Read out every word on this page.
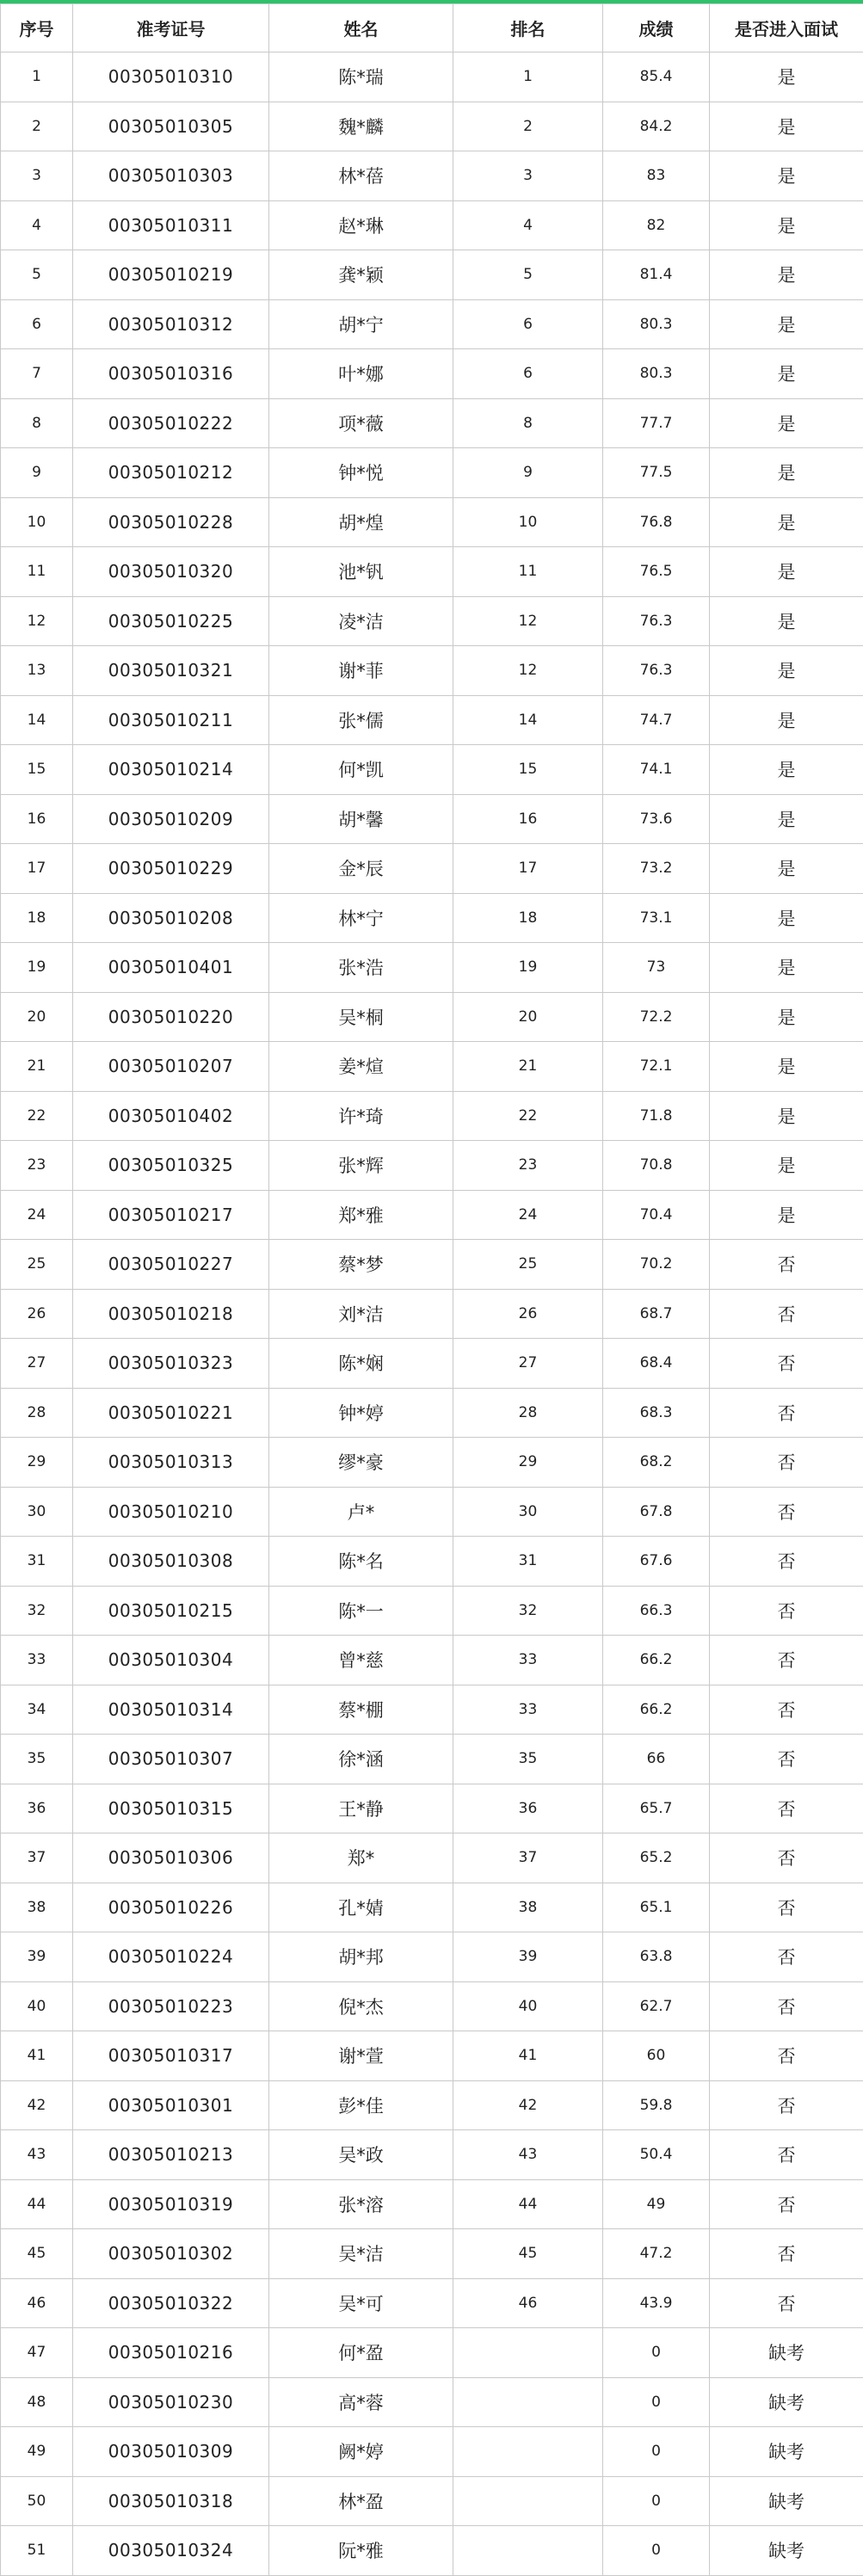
序号	准考证号	姓名	排名	成绩	是否进入面试
1	00305010310	陈*瑞	1	85.4	是
2	00305010305	魏*麟	2	84.2	是
3	00305010303	林*蓓	3	83	是
4	00305010311	赵*琳	4	82	是
5	00305010219	龚*颖	5	81.4	是
6	00305010312	胡*宁	6	80.3	是
7	00305010316	叶*娜	6	80.3	是
8	00305010222	项*薇	8	77.7	是
9	00305010212	钟*悦	9	77.5	是
10	00305010228	胡*煌	10	76.8	是
11	00305010320	池*钒	11	76.5	是
12	00305010225	凌*洁	12	76.3	是
13	00305010321	谢*菲	12	76.3	是
14	00305010211	张*儒	14	74.7	是
15	00305010214	何*凯	15	74.1	是
16	00305010209	胡*馨	16	73.6	是
17	00305010229	金*辰	17	73.2	是
18	00305010208	林*宁	18	73.1	是
19	00305010401	张*浩	19	73	是
20	00305010220	吴*桐	20	72.2	是
21	00305010207	姜*煊	21	72.1	是
22	00305010402	许*琦	22	71.8	是
23	00305010325	张*辉	23	70.8	是
24	00305010217	郑*雅	24	70.4	是
25	00305010227	蔡*梦	25	70.2	否
26	00305010218	刘*洁	26	68.7	否
27	00305010323	陈*娴	27	68.4	否
28	00305010221	钟*婷	28	68.3	否
29	00305010313	缪*豪	29	68.2	否
30	00305010210	卢*	30	67.8	否
31	00305010308	陈*名	31	67.6	否
32	00305010215	陈*一	32	66.3	否
33	00305010304	曾*慈	33	66.2	否
34	00305010314	蔡*棚	33	66.2	否
35	00305010307	徐*涵	35	66	否
36	00305010315	王*静	36	65.7	否
37	00305010306	郑*	37	65.2	否
38	00305010226	孔*婧	38	65.1	否
39	00305010224	胡*邦	39	63.8	否
40	00305010223	倪*杰	40	62.7	否
41	00305010317	谢*萱	41	60	否
42	00305010301	彭*佳	42	59.8	否
43	00305010213	吴*政	43	50.4	否
44	00305010319	张*溶	44	49	否
45	00305010302	吴*洁	45	47.2	否
46	00305010322	吴*可	46	43.9	否
47	00305010216	何*盈		0	缺考
48	00305010230	高*蓉		0	缺考
49	00305010309	阙*婷		0	缺考
50	00305010318	林*盈		0	缺考
51	00305010324	阮*雅		0	缺考
